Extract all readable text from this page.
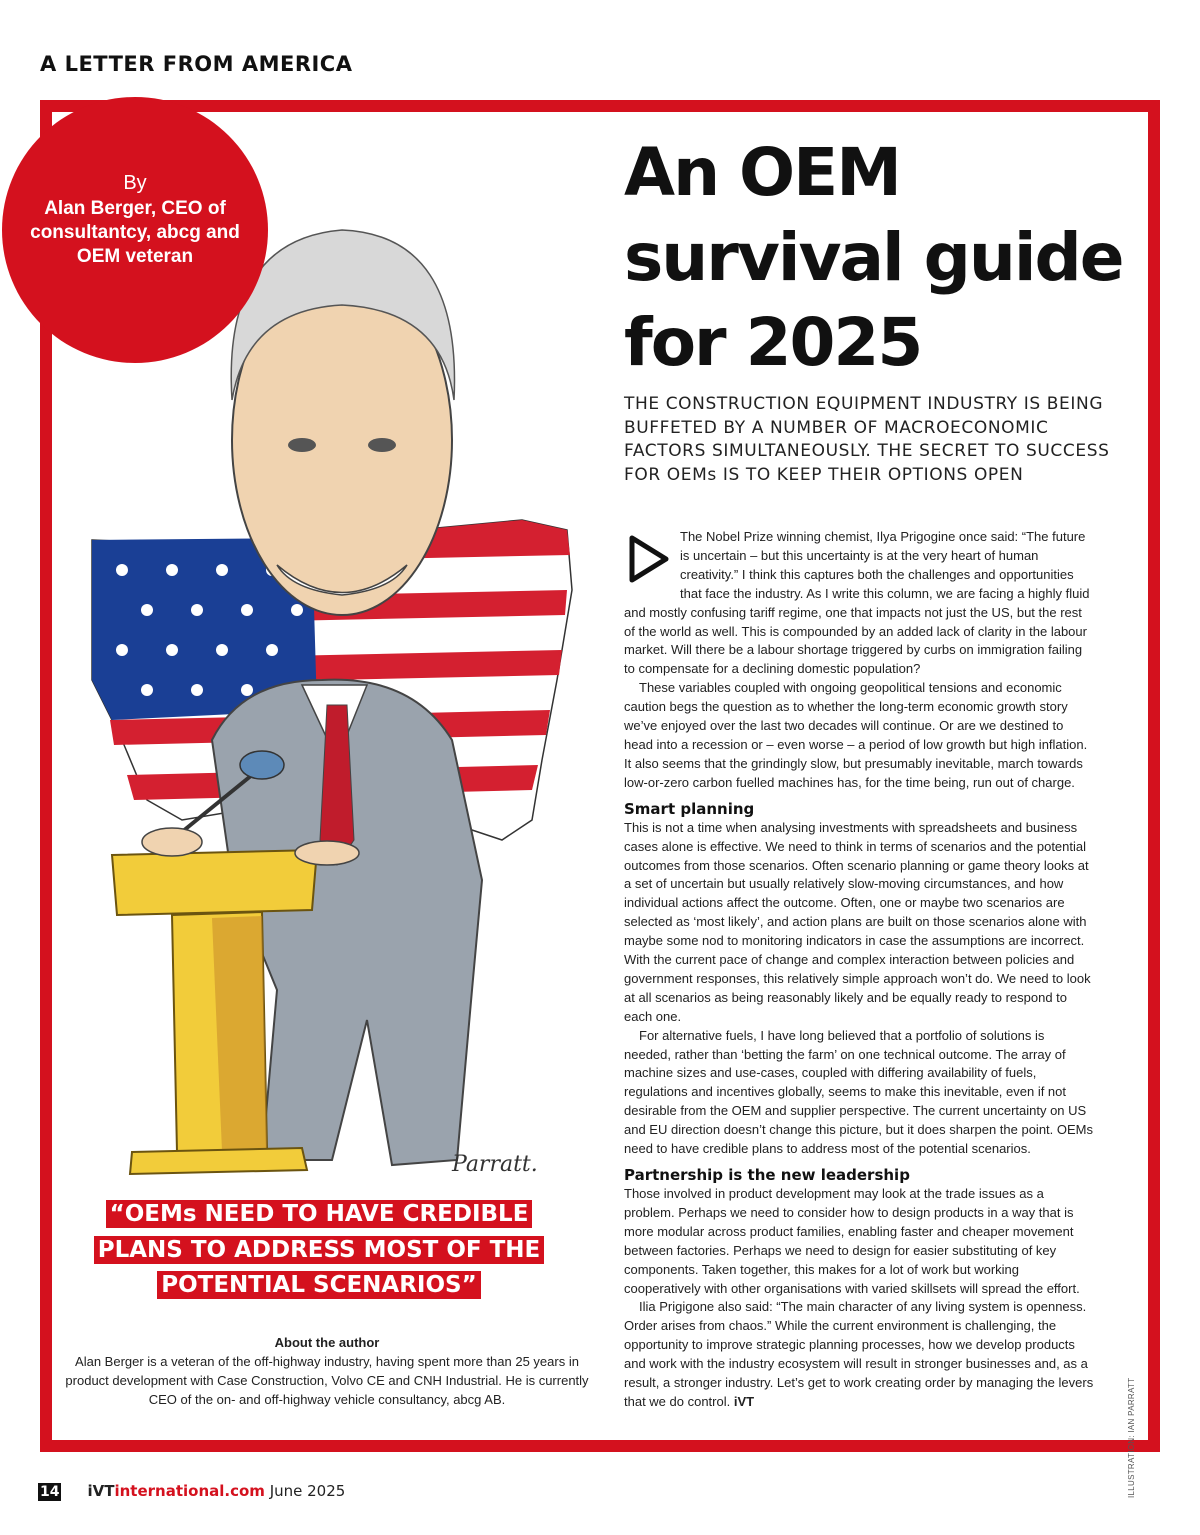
A LETTER FROM AMERICA
By
Alan Berger, CEO of consultantcy, abcg and OEM veteran
Parratt.
An OEM survival guide for 2025
THE CONSTRUCTION EQUIPMENT INDUSTRY IS BEING BUFFETED BY A NUMBER OF MACROECONOMIC FACTORS SIMULTANEOUSLY. THE SECRET TO SUCCESS FOR OEMs IS TO KEEP THEIR OPTIONS OPEN

The Nobel Prize winning chemist, Ilya Prigogine once said: “The future is uncertain – but this uncertainty is at the very heart of human creativity.” I think this captures both the challenges and opportunities that face the industry. As I write this column, we are facing a highly fluid and mostly confusing tariff regime, one that impacts not just the US, but the rest of the world as well. This is compounded by an added lack of clarity in the labour market. Will there be a labour shortage triggered by curbs on immigration failing to compensate for a declining domestic population?

These variables coupled with ongoing geopolitical tensions and economic caution begs the question as to whether the long-term economic growth story we’ve enjoyed over the last two decades will continue. Or are we destined to head into a recession or – even worse – a period of low growth but high inflation. It also seems that the grindingly slow, but presumably inevitable, march towards low-or-zero carbon fuelled machines has, for the time being, run out of charge.

Smart planning

This is not a time when analysing investments with spreadsheets and business cases alone is effective. We need to think in terms of scenarios and the potential outcomes from those scenarios. Often scenario planning or game theory looks at a set of uncertain but usually relatively slow-moving circumstances, and how individual actions affect the outcome. Often, one or maybe two scenarios are selected as ‘most likely’, and action plans are built on those scenarios alone with maybe some nod to monitoring indicators in case the assumptions are incorrect. With the current pace of change and complex interaction between policies and government responses, this relatively simple approach won’t do. We need to look at all scenarios as being reasonably likely and be equally ready to respond to each one.

For alternative fuels, I have long believed that a portfolio of solutions is needed, rather than ‘betting the farm’ on one technical outcome. The array of machine sizes and use-cases, coupled with differing availability of fuels, regulations and incentives globally, seems to make this inevitable, even if not desirable from the OEM and supplier perspective. The current uncertainty on US and EU direction doesn’t change this picture, but it does sharpen the point. OEMs need to have credible plans to address most of the potential scenarios.

Partnership is the new leadership

Those involved in product development may look at the trade issues as a problem. Perhaps we need to consider how to design products in a way that is more modular across product families, enabling faster and cheaper movement between factories. Perhaps we need to design for easier substituting of key components. Taken together, this makes for a lot of work but working cooperatively with other organisations with varied skillsets will spread the effort.

Ilia Prigigone also said: “The main character of any living system is openness. Order arises from chaos.” While the current environment is challenging, the opportunity to improve strategic planning processes, how we develop products and work with the industry ecosystem will result in stronger businesses and, as a result, a stronger industry. Let’s get to work creating order by managing the levers that we do control. iVT

“OEMs NEED TO HAVE CREDIBLE PLANS TO ADDRESS MOST OF THE POTENTIAL SCENARIOS”
About the author
Alan Berger is a veteran of the off-highway industry, having spent more than 25 years in product development with Case Construction, Volvo CE and CNH Industrial. He is currently CEO of the on- and off-highway vehicle consultancy, abcg AB.	ILLUSTRATION: IAN PARRATT
14 iVTinternational.com June 2025
